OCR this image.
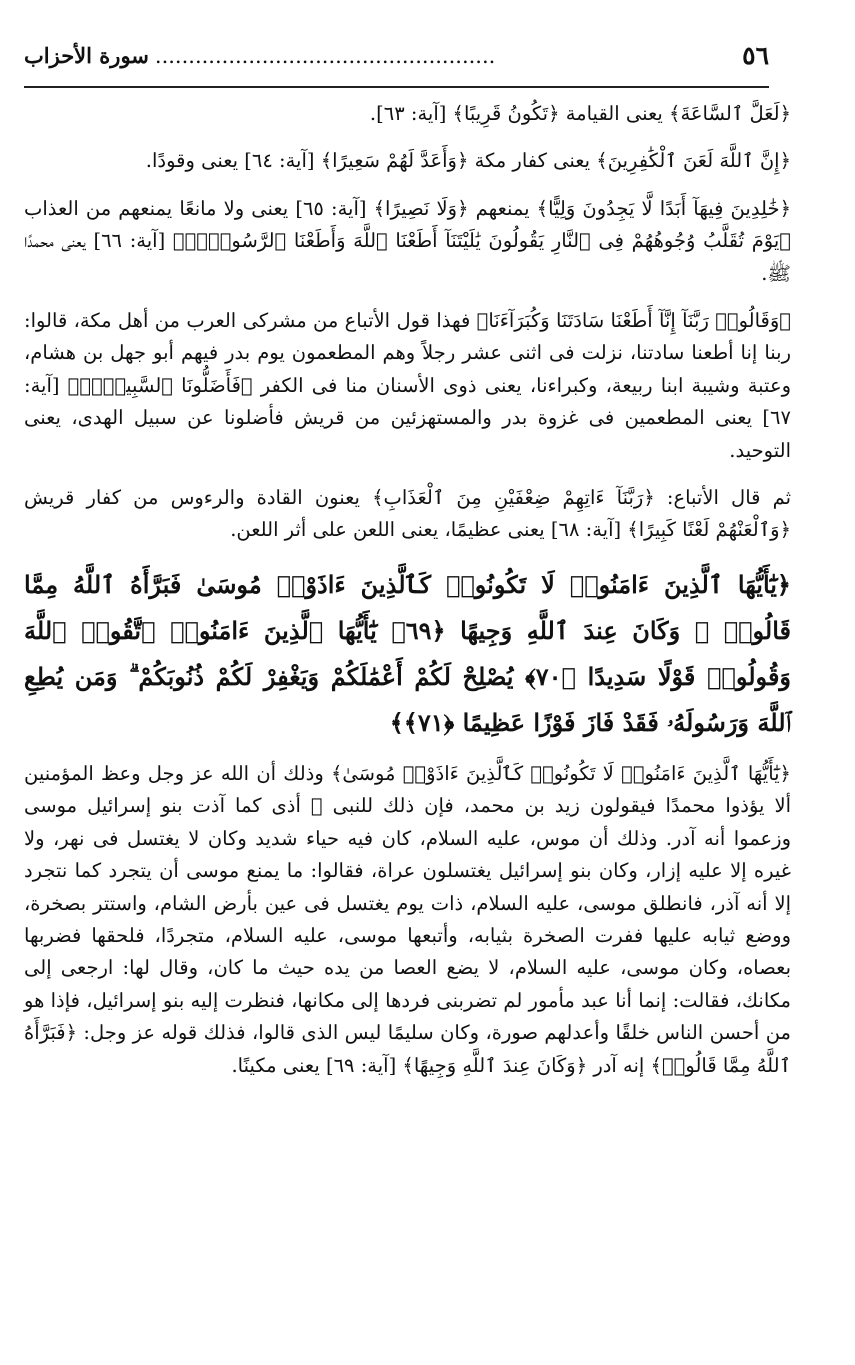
٥٦
..... سورة الأحزاب

﴿لَعَلَّ ٱلسَّاعَةَ﴾ يعنى القيامة ﴿تَكُونُ قَرِيبًا﴾ [آية: ٦٣].

﴿إِنَّ ٱللَّهَ لَعَنَ ٱلْكَٰفِرِينَ﴾ يعنى كفار مكة ﴿وَأَعَدَّ لَهُمْ سَعِيرًا﴾ [آية: ٦٤] يعنى وقودًا.

﴿خَٰلِدِينَ فِيهَآ أَبَدًا لَّا يَجِدُونَ وَلِيًّا﴾ يمنعهم ﴿وَلَا نَصِيرًا﴾ [آية: ٦٥] يعنى ولا مانعًا يمنعهم من العذاب ﴿يَوْمَ تُقَلَّبُ وُجُوهُهُمْ فِى ٱلنَّارِ يَقُولُونَ يَٰلَيْتَنَآ أَطَعْنَا ٱللَّهَ وَأَطَعْنَا ٱلرَّسُولَا۠﴾ [آية: ٦٦] يعنى محمدًا ﷺ.

﴿وَقَالُوا۟ رَبَّنَآ إِنَّآ أَطَعْنَا سَادَتَنَا وَكُبَرَآءَنَا﴾ فهذا قول الأتباع من مشركى العرب من أهل مكة، قالوا: ربنا إنا أطعنا سادتنا، نزلت فى اثنى عشر رجلاً وهم المطعمون يوم بدر فيهم أبو جهل بن هشام، وعتبة وشيبة ابنا ربيعة، وكبراءنا، يعنى ذوى الأسنان منا فى الكفر ﴿فَأَضَلُّونَا ٱلسَّبِيلَا۠﴾ [آية: ٦٧] يعنى المطعمين فى غزوة بدر والمستهزئين من قريش فأضلونا عن سبيل الهدى، يعنى التوحيد.

ثم قال الأتباع: ﴿رَبَّنَآ ءَاتِهِمْ ضِعْفَيْنِ مِنَ ٱلْعَذَابِ﴾ يعنون القادة والرءوس من كفار قريش ﴿وَٱلْعَنْهُمْ لَعْنًا كَبِيرًا﴾ [آية: ٦٨] يعنى عظيمًا، يعنى اللعن على أثر اللعن.

﴿يَٰٓأَيُّهَا ٱلَّذِينَ ءَامَنُوا۟ لَا تَكُونُوا۟ كَٱلَّذِينَ ءَاذَوْا۟ مُوسَىٰ فَبَرَّأَهُ ٱللَّهُ مِمَّا قَالُوا۟ ۚ وَكَانَ عِندَ ٱللَّهِ وَجِيهًا ﴿٦٩﴾ يَٰٓأَيُّهَا ٱلَّذِينَ ءَامَنُوا۟ ٱتَّقُوا۟ ٱللَّهَ وَقُولُوا۟ قَوْلًا سَدِيدًا ﴿٧٠﴾ يُصْلِحْ لَكُمْ أَعْمَٰلَكُمْ وَيَغْفِرْ لَكُمْ ذُنُوبَكُمْ ۗ وَمَن يُطِعِ ٱللَّهَ وَرَسُولَهُۥ فَقَدْ فَازَ فَوْزًا عَظِيمًا ﴿٧١﴾﴾

﴿يَٰٓأَيُّهَا ٱلَّذِينَ ءَامَنُوا۟ لَا تَكُونُوا۟ كَٱلَّذِينَ ءَاذَوْا۟ مُوسَىٰ﴾ وذلك أن الله عز وجل وعظ المؤمنين ألا يؤذوا محمدًا فيقولون زيد بن محمد، فإن ذلك للنبى ﷺ أذى كما آذت بنو إسرائيل موسى وزعموا أنه آدر. وذلك أن موس، عليه السلام، كان فيه حياء شديد وكان لا يغتسل فى نهر، ولا غيره إلا عليه إزار، وكان بنو إسرائيل يغتسلون عراة، فقالوا: ما يمنع موسى أن يتجرد كما نتجرد إلا أنه آذر، فانطلق موسى، عليه السلام، ذات يوم يغتسل فى عين بأرض الشام، واستتر بصخرة، ووضع ثيابه عليها ففرت الصخرة بثيابه، وأتبعها موسى، عليه السلام، متجردًا، فلحقها فضربها بعصاه، وكان موسى، عليه السلام، لا يضع العصا من يده حيث ما كان، وقال لها: ارجعى إلى مكانك، فقالت: إنما أنا عبد مأمور لم تضربنى فردها إلى مكانها، فنظرت إليه بنو إسرائيل، فإذا هو من أحسن الناس خلقًا وأعدلهم صورة، وكان سليمًا ليس الذى قالوا، فذلك قوله عز وجل: ﴿فَبَرَّأَهُ ٱللَّهُ مِمَّا قَالُوا۟﴾ إنه آدر ﴿وَكَانَ عِندَ ٱللَّهِ وَجِيهًا﴾ [آية: ٦٩] يعنى مكينًا.
